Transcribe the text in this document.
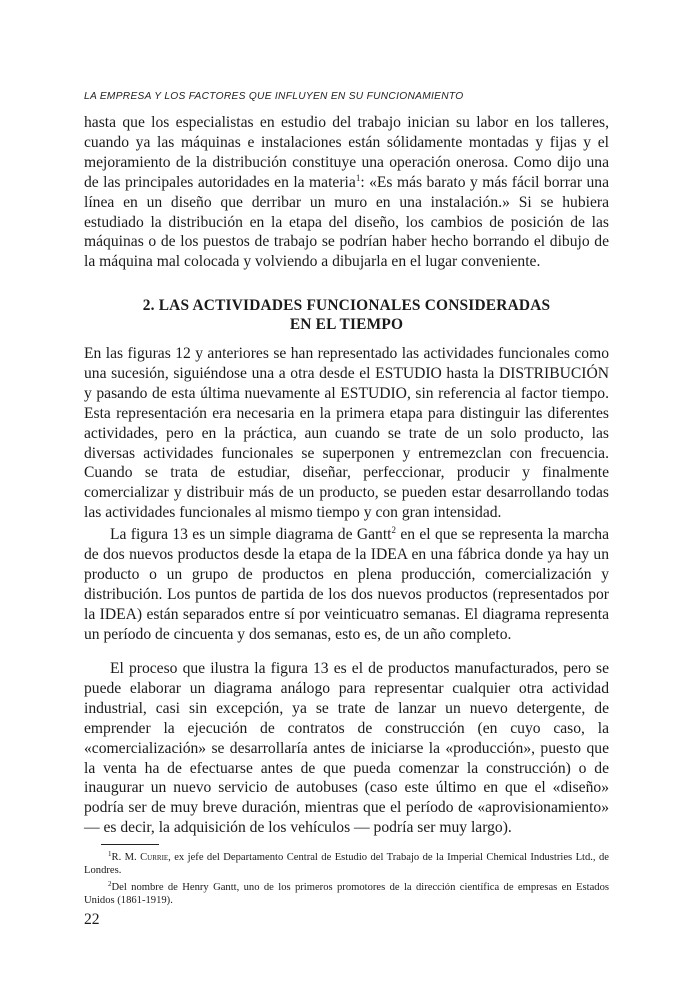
LA EMPRESA Y LOS FACTORES QUE INFLUYEN EN SU FUNCIONAMIENTO

hasta que los especialistas en estudio del trabajo inician su labor en los talleres, cuando ya las máquinas e instalaciones están sólidamente montadas y fijas y el mejoramiento de la distribución constituye una operación onerosa. Como dijo una de las principales autoridades en la materia$^1$: «Es más barato y más fácil borrar una línea en un diseño que derribar un muro en una instalación.» Si se hubiera estudiado la distribución en la etapa del diseño, los cambios de posición de las máquinas o de los puestos de trabajo se podrían haber hecho borrando el dibujo de la máquina mal colocada y volviendo a dibujarla en el lugar conveniente.

2. LAS ACTIVIDADES FUNCIONALES CONSIDERADAS
EN EL TIEMPO

En las figuras 12 y anteriores se han representado las actividades funcionales como una sucesión, siguiéndose una a otra desde el ESTUDIO hasta la DISTRIBUCIÓN y pasando de esta última nuevamente al ESTUDIO, sin referencia al factor tiempo. Esta representación era necesaria en la primera etapa para distinguir las diferentes actividades, pero en la práctica, aun cuando se trate de un solo producto, las diversas actividades funcionales se superponen y entremezclan con frecuencia. Cuando se trata de estudiar, diseñar, perfeccionar, producir y finalmente comercializar y distribuir más de un producto, se pueden estar desarrollando todas las actividades funcionales al mismo tiempo y con gran intensidad.

La figura 13 es un simple diagrama de Gantt$^2$ en el que se representa la marcha de dos nuevos productos desde la etapa de la IDEA en una fábrica donde ya hay un producto o un grupo de productos en plena producción, comercialización y distribución. Los puntos de partida de los dos nuevos productos (representados por la IDEA) están separados entre sí por veinticuatro semanas. El diagrama representa un período de cincuenta y dos semanas, esto es, de un año completo.

El proceso que ilustra la figura 13 es el de productos manufacturados, pero se puede elaborar un diagrama análogo para representar cualquier otra actividad industrial, casi sin excepción, ya se trate de lanzar un nuevo detergente, de emprender la ejecución de contratos de construcción (en cuyo caso, la «comercialización» se desarrollaría antes de iniciarse la «producción», puesto que la venta ha de efectuarse antes de que pueda comenzar la construcción) o de inaugurar un nuevo servicio de autobuses (caso este último en que el «diseño» podría ser de muy breve duración, mientras que el período de «aprovisionamiento» — es decir, la adquisición de los vehículos — podría ser muy largo).

$^1$R. M. Currie, ex jefe del Departamento Central de Estudio del Trabajo de la Imperial Chemical Industries Ltd., de Londres.

$^2$Del nombre de Henry Gantt, uno de los primeros promotores de la dirección científica de empresas en Estados Unidos (1861-1919).

22
